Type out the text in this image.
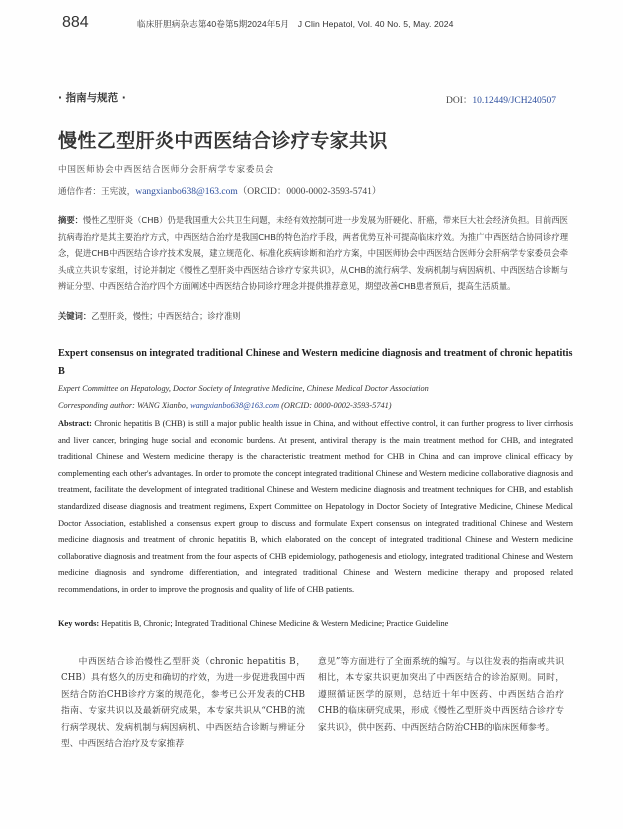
884	临床肝胆病杂志第40卷第5期2024年5月　J Clin Hepatol, Vol. 40 No. 5, May. 2024
· 指南与规范 ·	DOI：10.12449/JCH240507
慢性乙型肝炎中西医结合诊疗专家共识
中国医师协会中西医结合医师分会肝病学专家委员会
通信作者：王宪波，wangxianbo638@163.com（ORCID：0000-0002-3593-5741）

摘要：慢性乙型肝炎（CHB）仍是我国重大公共卫生问题，未经有效控制可进一步发展为肝硬化、肝癌，带来巨大社会经济负担。目前西医抗病毒治疗是其主要治疗方式，中西医结合治疗是我国CHB的特色治疗手段，两者优势互补可提高临床疗效。为推广中西医结合协同诊疗理念，促进CHB中西医结合诊疗技术发展，建立规范化、标准化疾病诊断和治疗方案，中国医师协会中西医结合医师分会肝病学专家委员会牵头成立共识专家组，讨论并制定《慢性乙型肝炎中西医结合诊疗专家共识》，从CHB的流行病学、发病机制与病因病机、中西医结合诊断与辨证分型、中西医结合治疗四个方面阐述中西医结合协同诊疗理念并提供推荐意见，期望改善CHB患者预后，提高生活质量。

关键词：乙型肝炎，慢性；中西医结合；诊疗准则

Expert consensus on integrated traditional Chinese and Western medicine diagnosis and treatment of chronic hepatitis B
Expert Committee on Hepatology, Doctor Society of Integrative Medicine, Chinese Medical Doctor Association
Corresponding author: WANG Xianbo, wangxianbo638@163.com (ORCID: 0000-0002-3593-5741)

Abstract: Chronic hepatitis B (CHB) is still a major public health issue in China, and without effective control, it can further progress to liver cirrhosis and liver cancer, bringing huge social and economic burdens. At present, antiviral therapy is the main treatment method for CHB, and integrated traditional Chinese and Western medicine therapy is the characteristic treatment method for CHB in China and can improve clinical efficacy by complementing each other's advantages. In order to promote the concept integrated traditional Chinese and Western medicine collaborative diagnosis and treatment, facilitate the development of integrated traditional Chinese and Western medicine diagnosis and treatment techniques for CHB, and establish standardized disease diagnosis and treatment regimens, Expert Committee on Hepatology in Doctor Society of Integrative Medicine, Chinese Medical Doctor Association, established a consensus expert group to discuss and formulate Expert consensus on integrated traditional Chinese and Western medicine diagnosis and treatment of chronic hepatitis B, which elaborated on the concept of integrated traditional Chinese and Western medicine collaborative diagnosis and treatment from the four aspects of CHB epidemiology, pathogenesis and etiology, integrated traditional Chinese and Western medicine diagnosis and syndrome differentiation, and integrated traditional Chinese and Western medicine therapy and proposed related recommendations, in order to improve the prognosis and quality of life of CHB patients.

Key words: Hepatitis B, Chronic; Integrated Traditional Chinese Medicine & Western Medicine; Practice Guideline

中西医结合诊治慢性乙型肝炎（chronic hepatitis B，CHB）具有悠久的历史和确切的疗效，为进一步促进我国中西医结合防治CHB诊疗方案的规范化，参考已公开发表的CHB指南、专家共识以及最新研究成果，本专家共识从“CHB的流行病学现状、发病机制与病因病机、中西医结合诊断与辨证分型、中西医结合治疗及专家推荐

意见”等方面进行了全面系统的编写。与以往发表的指南或共识相比，本专家共识更加突出了中西医结合的诊治原则。同时，遵照循证医学的原则，总结近十年中医药、中西医结合治疗CHB的临床研究成果，形成《慢性乙型肝炎中西医结合诊疗专家共识》，供中医药、中西医结合防治CHB的临床医师参考。
